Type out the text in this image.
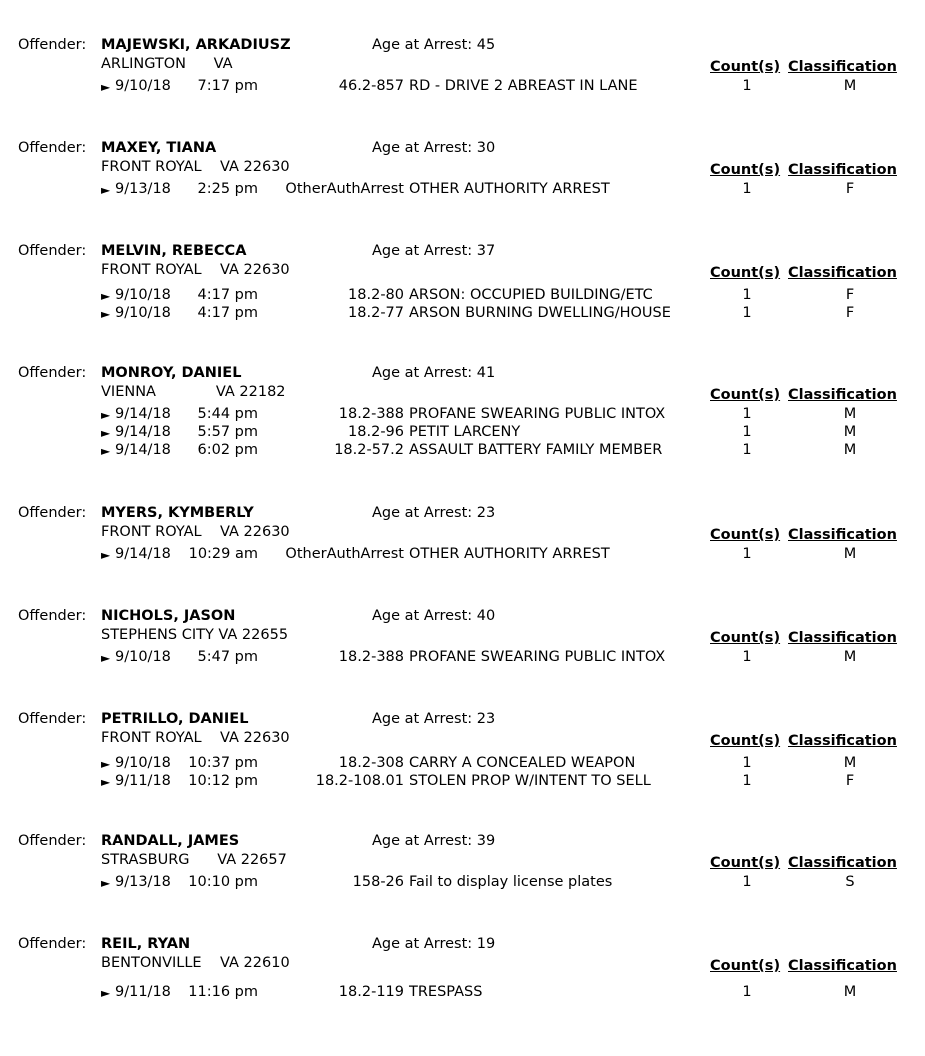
Offender: MAJEWSKI, ARKADIUSZ	Age at Arrest: 45
ARLINGTON      VA	Count(s) Classification
► 9/10/18	7:17 pm	46.2-857 RD - DRIVE 2 ABREAST IN LANE	1	M
Offender: MAXEY, TIANA	Age at Arrest: 30
FRONT ROYAL    VA 22630	Count(s) Classification
► 9/13/18	2:25 pm OtherAuthArrest OTHER AUTHORITY ARREST	1	F
Offender: MELVIN, REBECCA	Age at Arrest: 37
FRONT ROYAL    VA 22630	Count(s) Classification
► 9/10/18	4:17 pm	18.2-80 ARSON: OCCUPIED BUILDING/ETC	1	F
► 9/10/18	4:17 pm	18.2-77 ARSON BURNING DWELLING/HOUSE	1	F
Offender: MONROY, DANIEL	Age at Arrest: 41
VIENNA             VA 22182	Count(s) Classification
► 9/14/18	5:44 pm	18.2-388 PROFANE SWEARING PUBLIC INTOX	1	M
► 9/14/18	5:57 pm	18.2-96 PETIT LARCENY	1	M
► 9/14/18	6:02 pm	18.2-57.2 ASSAULT BATTERY FAMILY MEMBER	1	M
Offender: MYERS, KYMBERLY	Age at Arrest: 23
FRONT ROYAL    VA 22630	Count(s) Classification
► 9/14/18 10:29 am OtherAuthArrest OTHER AUTHORITY ARREST	1	M
Offender: NICHOLS, JASON	Age at Arrest: 40
STEPHENS CITY VA 22655	Count(s) Classification
► 9/10/18	5:47 pm	18.2-388 PROFANE SWEARING PUBLIC INTOX	1	M
Offender: PETRILLO, DANIEL	Age at Arrest: 23
FRONT ROYAL    VA 22630	Count(s) Classification
► 9/10/18 10:37 pm	18.2-308 CARRY A CONCEALED WEAPON	1	M
► 9/11/18 10:12 pm	18.2-108.01 STOLEN PROP W/INTENT TO SELL	1	F
Offender: RANDALL, JAMES	Age at Arrest: 39
STRASBURG      VA 22657	Count(s) Classification
► 9/13/18 10:10 pm	158-26 Fail to display license plates	1	S
Offender: REIL, RYAN	Age at Arrest: 19
BENTONVILLE    VA 22610	Count(s) Classification
► 9/11/18 11:16 pm	18.2-119 TRESPASS	1	M
